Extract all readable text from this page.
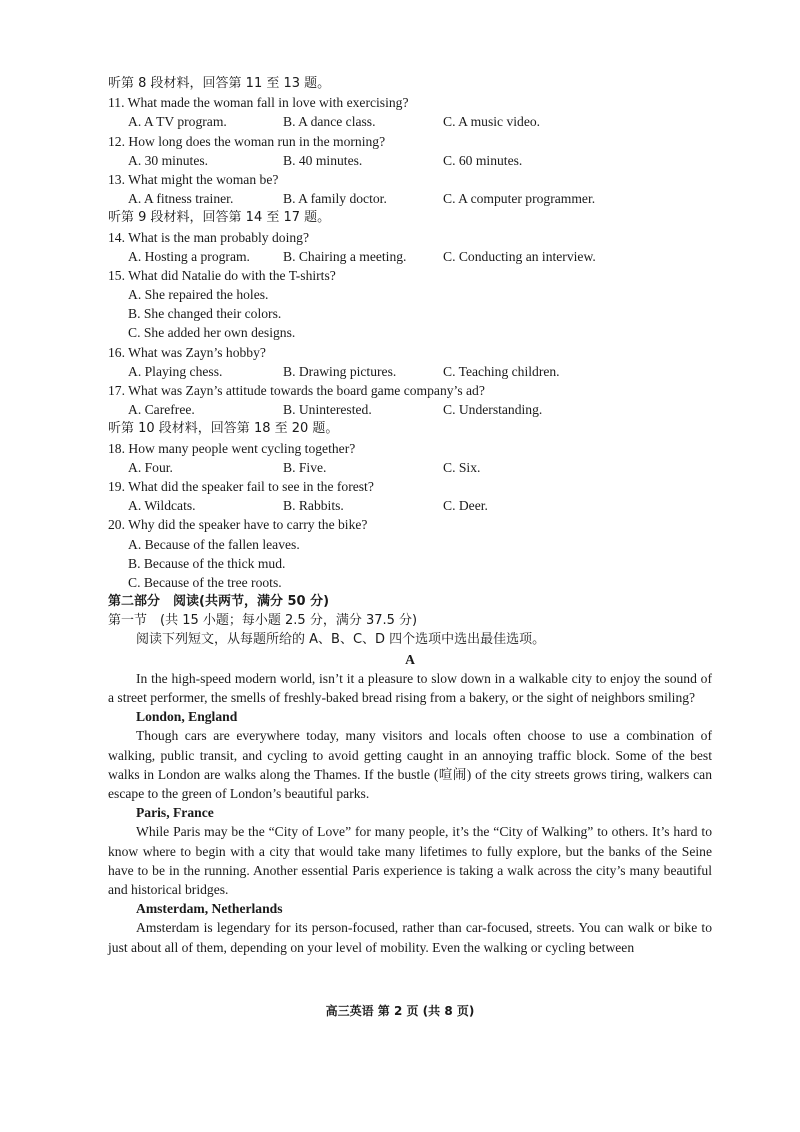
听第 8 段材料，回答第 11 至 13 题。
11. What made the woman fall in love with exercising?
A. A TV program.	B. A dance class.	C. A music video.
12. How long does the woman run in the morning?
A. 30 minutes.	B. 40 minutes.	C. 60 minutes.
13. What might the woman be?
A. A fitness trainer.	B. A family doctor.	C. A computer programmer.
听第 9 段材料，回答第 14 至 17 题。
14. What is the man probably doing?
A. Hosting a program.	B. Chairing a meeting.	C. Conducting an interview.
15. What did Natalie do with the T-shirts?
A. She repaired the holes.
B. She changed their colors.
C. She added her own designs.
16. What was Zayn’s hobby?
A. Playing chess.	B. Drawing pictures.	C. Teaching children.
17. What was Zayn’s attitude towards the board game company’s ad?
A. Carefree.	B. Uninterested.	C. Understanding.
听第 10 段材料，回答第 18 至 20 题。
18. How many people went cycling together?
A. Four.	B. Five.	C. Six.
19. What did the speaker fail to see in the forest?
A. Wildcats.	B. Rabbits.	C. Deer.
20. Why did the speaker have to carry the bike?
A. Because of the fallen leaves.
B. Because of the thick mud.
C. Because of the tree roots.
第二部分　阅读(共两节，满分 50 分)
第一节　(共 15 小题；每小题 2.5 分，满分 37.5 分)
阅读下列短文，从每题所给的 A、B、C、D 四个选项中选出最佳选项。
A

In the high-speed modern world, isn’t it a pleasure to slow down in a walkable city to enjoy the sound of a street performer, the smells of freshly-baked bread rising from a bakery, or the sight of neighbors smiling?

London, England

Though cars are everywhere today, many visitors and locals often choose to use a combination of walking, public transit, and cycling to avoid getting caught in an annoying traffic block. Some of the best walks in London are walks along the Thames. If the bustle (喧闹) of the city streets grows tiring, walkers can escape to the green of London’s beautiful parks.

Paris, France

While Paris may be the “City of Love” for many people, it’s the “City of Walking” to others. It’s hard to know where to begin with a city that would take many lifetimes to fully explore, but the banks of the Seine have to be in the running. Another essential Paris experience is taking a walk across the city’s many beautiful and historical bridges.

Amsterdam, Netherlands

Amsterdam is legendary for its person-focused, rather than car-focused, streets. You can walk or bike to just about all of them, depending on your level of mobility. Even the walking or cycling between

高三英语 第 2 页 (共 8 页)
